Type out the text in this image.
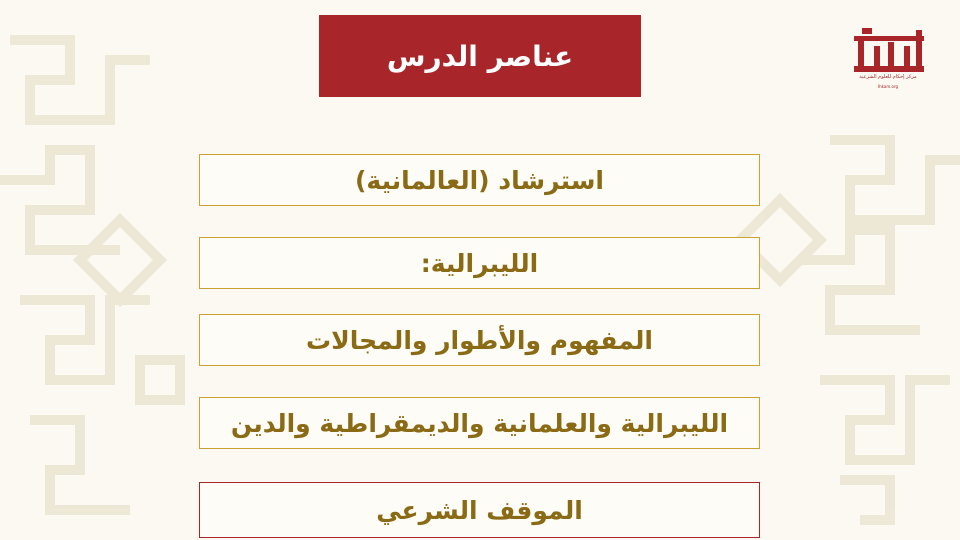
عناصر الدرس
مركز إحكام للعلوم الشرعية
Ihkam.org
استرشاد (العالمانية)
الليبرالية:
المفهوم والأطوار والمجالات
الليبرالية والعلمانية والديمقراطية والدين
الموقف الشرعي
